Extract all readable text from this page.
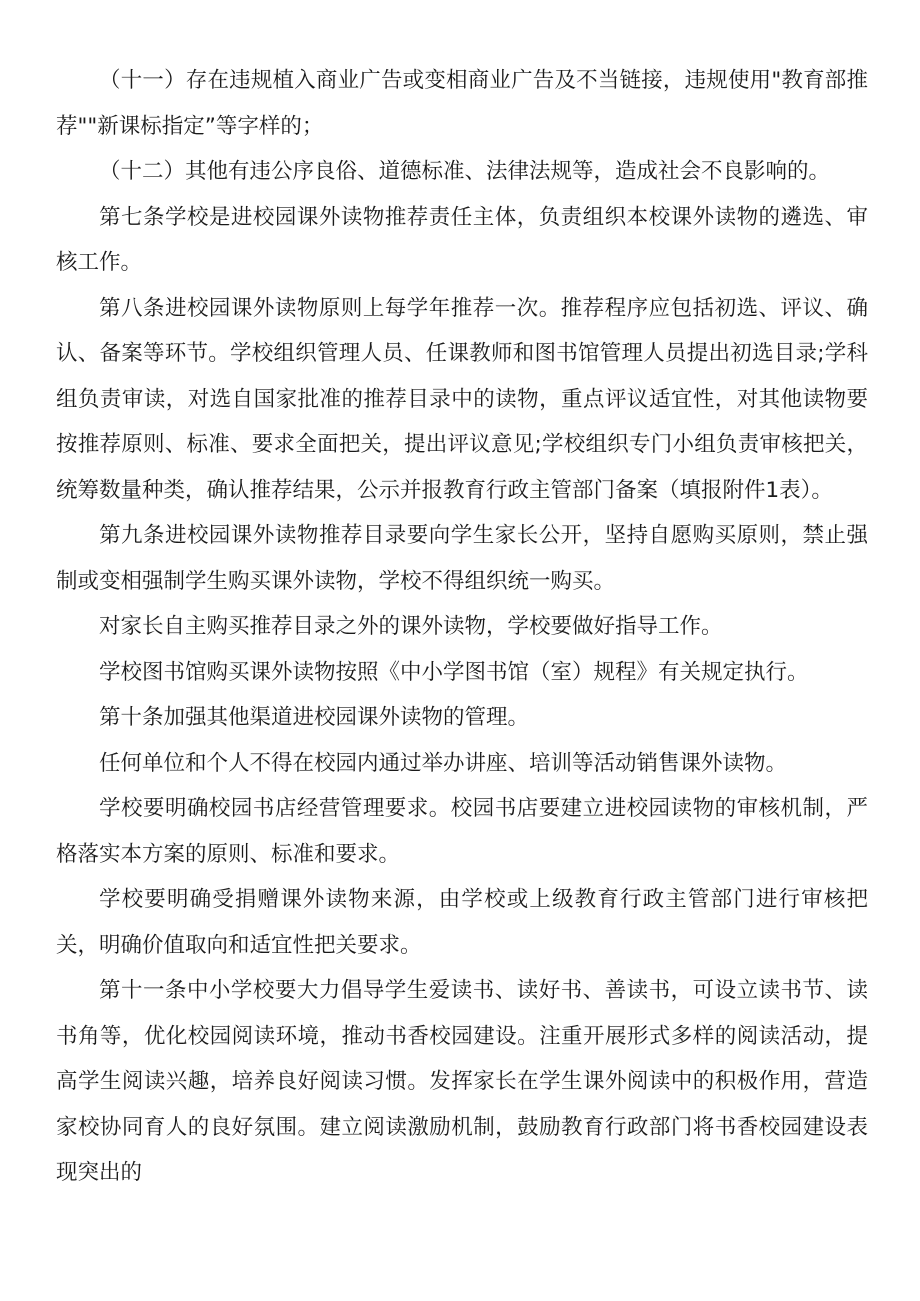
（十一）存在违规植入商业广告或变相商业广告及不当链接，违规使用"教育部推荐""新课标指定”等字样的；

（十二）其他有违公序良俗、道德标准、法律法规等，造成社会不良影响的。

第七条学校是进校园课外读物推荐责任主体，负责组织本校课外读物的遴选、审核工作。

第八条进校园课外读物原则上每学年推荐一次。推荐程序应包括初选、评议、确认、备案等环节。学校组织管理人员、任课教师和图书馆管理人员提出初选目录;学科组负责审读，对选自国家批准的推荐目录中的读物，重点评议适宜性，对其他读物要按推荐原则、标准、要求全面把关，提出评议意见;学校组织专门小组负责审核把关，统筹数量种类，确认推荐结果，公示并报教育行政主管部门备案（填报附件1表）。

第九条进校园课外读物推荐目录要向学生家长公开，坚持自愿购买原则，禁止强制或变相强制学生购买课外读物，学校不得组织统一购买。

对家长自主购买推荐目录之外的课外读物，学校要做好指导工作。

学校图书馆购买课外读物按照《中小学图书馆（室）规程》有关规定执行。

第十条加强其他渠道进校园课外读物的管理。

任何单位和个人不得在校园内通过举办讲座、培训等活动销售课外读物。

学校要明确校园书店经营管理要求。校园书店要建立进校园读物的审核机制，严格落实本方案的原则、标准和要求。

学校要明确受捐赠课外读物来源，由学校或上级教育行政主管部门进行审核把关，明确价值取向和适宜性把关要求。

第十一条中小学校要大力倡导学生爱读书、读好书、善读书，可设立读书节、读书角等，优化校园阅读环境，推动书香校园建设。注重开展形式多样的阅读活动，提高学生阅读兴趣，培养良好阅读习惯。发挥家长在学生课外阅读中的积极作用，营造家校协同育人的良好氛围。建立阅读激励机制，鼓励教育行政部门将书香校园建设表现突出的
